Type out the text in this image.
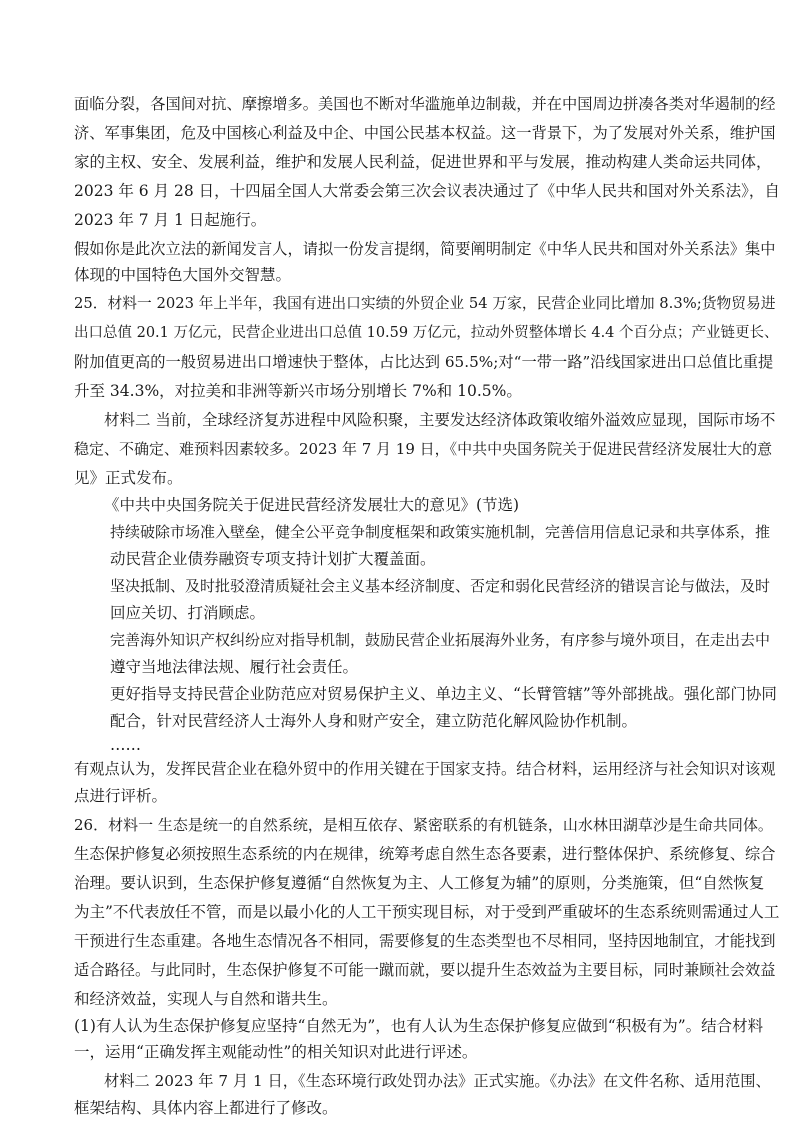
面临分裂，各国间对抗、摩擦增多。美国也不断对华滥施单边制裁，并在中国周边拼凑各类对华遏制的经
济、军事集团，危及中国核心利益及中企、中国公民基本权益。这一背景下，为了发展对外关系，维护国
家的主权、安全、发展利益，维护和发展人民利益，促进世界和平与发展，推动构建人类命运共同体，
2023 年 6 月 28 日，十四届全国人大常委会第三次会议表决通过了《中华人民共和国对外关系法》，自
2023 年 7 月 1 日起施行。
假如你是此次立法的新闻发言人，请拟一份发言提纲，简要阐明制定《中华人民共和国对外关系法》集中
体现的中国特色大国外交智慧。
25．材料一 2023 年上半年，我国有进出口实绩的外贸企业 54 万家，民营企业同比增加 8.3%;货物贸易进
出口总值 20.1 万亿元，民营企业进出口总值 10.59 万亿元，拉动外贸整体增长 4.4 个百分点；产业链更长、
附加值更高的一般贸易进出口增速快于整体，占比达到 65.5%;对“一带一路”沿线国家进出口总值比重提
升至 34.3%，对拉美和非洲等新兴市场分别增长 7%和 10.5%。
材料二 当前，全球经济复苏进程中风险积聚，主要发达经济体政策收缩外溢效应显现，国际市场不
稳定、不确定、难预料因素较多。2023 年 7 月 19 日，《中共中央国务院关于促进民营经济发展壮大的意
见》正式发布。
《中共中央国务院关于促进民营经济发展壮大的意见》(节选)
持续破除市场准入壁垒，健全公平竞争制度框架和政策实施机制，完善信用信息记录和共享体系，推
动民营企业债券融资专项支持计划扩大覆盖面。
坚决抵制、及时批驳澄清质疑社会主义基本经济制度、否定和弱化民营经济的错误言论与做法，及时
回应关切、打消顾虑。
完善海外知识产权纠纷应对指导机制，鼓励民营企业拓展海外业务，有序参与境外项目，在走出去中
遵守当地法律法规、履行社会责任。
更好指导支持民营企业防范应对贸易保护主义、单边主义、“长臂管辖”等外部挑战。强化部门协同
配合，针对民营经济人士海外人身和财产安全，建立防范化解风险协作机制。
……
有观点认为，发挥民营企业在稳外贸中的作用关键在于国家支持。结合材料，运用经济与社会知识对该观
点进行评析。
26．材料一 生态是统一的自然系统，是相互依存、紧密联系的有机链条，山水林田湖草沙是生命共同体。
生态保护修复必须按照生态系统的内在规律，统筹考虑自然生态各要素，进行整体保护、系统修复、综合
治理。要认识到，生态保护修复遵循“自然恢复为主、人工修复为辅”的原则，分类施策，但“自然恢复
为主”不代表放任不管，而是以最小化的人工干预实现目标，对于受到严重破坏的生态系统则需通过人工
干预进行生态重建。各地生态情况各不相同，需要修复的生态类型也不尽相同，坚持因地制宜，才能找到
适合路径。与此同时，生态保护修复不可能一蹴而就，要以提升生态效益为主要目标，同时兼顾社会效益
和经济效益，实现人与自然和谐共生。
(1)有人认为生态保护修复应坚持“自然无为”，也有人认为生态保护修复应做到“积极有为”。结合材料
一，运用“正确发挥主观能动性”的相关知识对此进行评述。
材料二 2023 年 7 月 1 日，《生态环境行政处罚办法》正式实施。《办法》在文件名称、适用范围、
框架结构、具体内容上都进行了修改。
